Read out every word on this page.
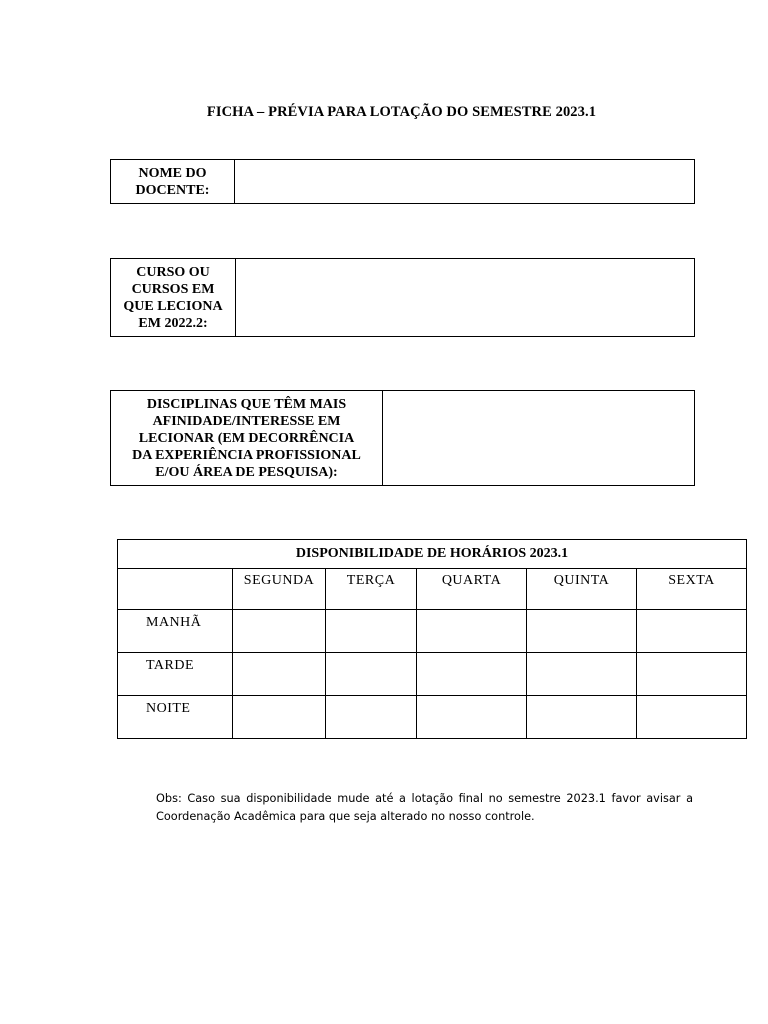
FICHA – PRÉVIA PARA LOTAÇÃO DO SEMESTRE 2023.1
NOME DO
DOCENTE:
CURSO OU
CURSOS EM
QUE LECIONA
EM 2022.2:
DISCIPLINAS QUE TÊM MAIS
AFINIDADE/INTERESSE EM
LECIONAR (EM DECORRÊNCIA
DA EXPERIÊNCIA PROFISSIONAL
E/OU ÁREA DE PESQUISA):
DISPONIBILIDADE DE HORÁRIOS 2023.1					
	SEGUNDA	TERÇA	QUARTA	QUINTA	SEXTA
MANHÃ					
TARDE					
NOITE					
Obs: Caso sua disponibilidade mude até a lotação final no semestre 2023.1 favor avisar a Coordenação Acadêmica para que seja alterado no nosso controle.
